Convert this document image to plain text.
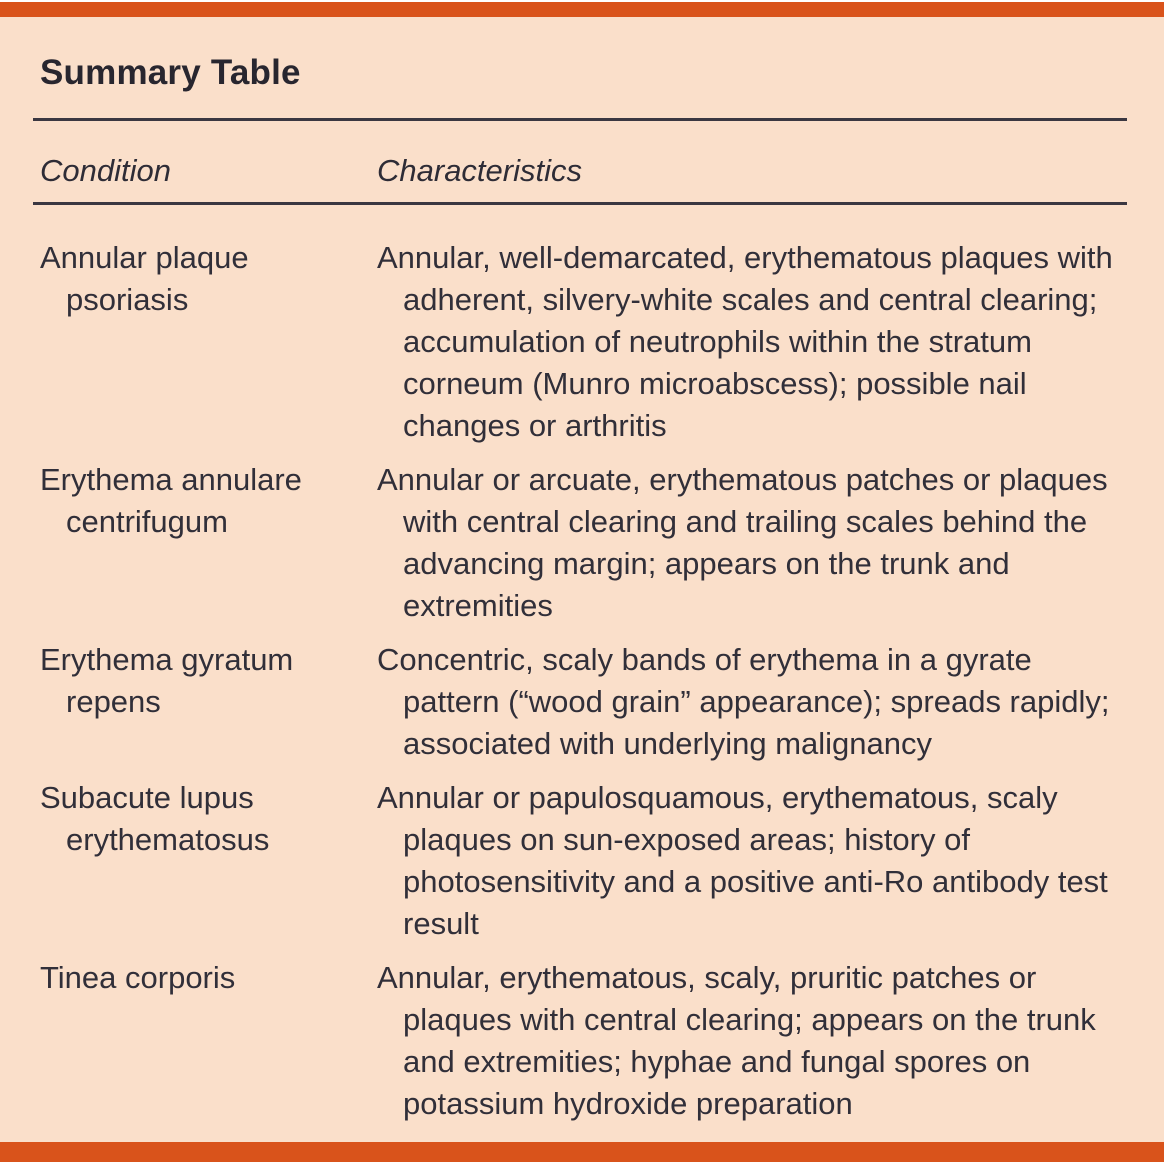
Summary Table
Condition	Characteristics

Annular plaque psoriasis

Annular, well-demarcated, erythematous plaques with adherent, silvery-white scales and central clearing; accumulation of neutrophils within the stratum corneum (Munro microabscess); possible nail changes or arthritis

Erythema annulare centrifugum

Annular or arcuate, erythematous patches or plaques with central clearing and trailing scales behind the advancing margin; appears on the trunk and extremities

Erythema gyratum repens

Concentric, scaly bands of erythema in a gyrate pattern (“wood grain” appearance); spreads rapidly; associated with underlying malignancy

Subacute lupus erythematosus

Annular or papulosquamous, erythematous, scaly plaques on sun-exposed areas; history of photosensitivity and a positive anti-Ro antibody test result

Tinea corporis	Annular, erythematous, scaly, pruritic patches or plaques with central clearing; appears on the trunk and extremities; hyphae and fungal spores on potassium hydroxide preparation
